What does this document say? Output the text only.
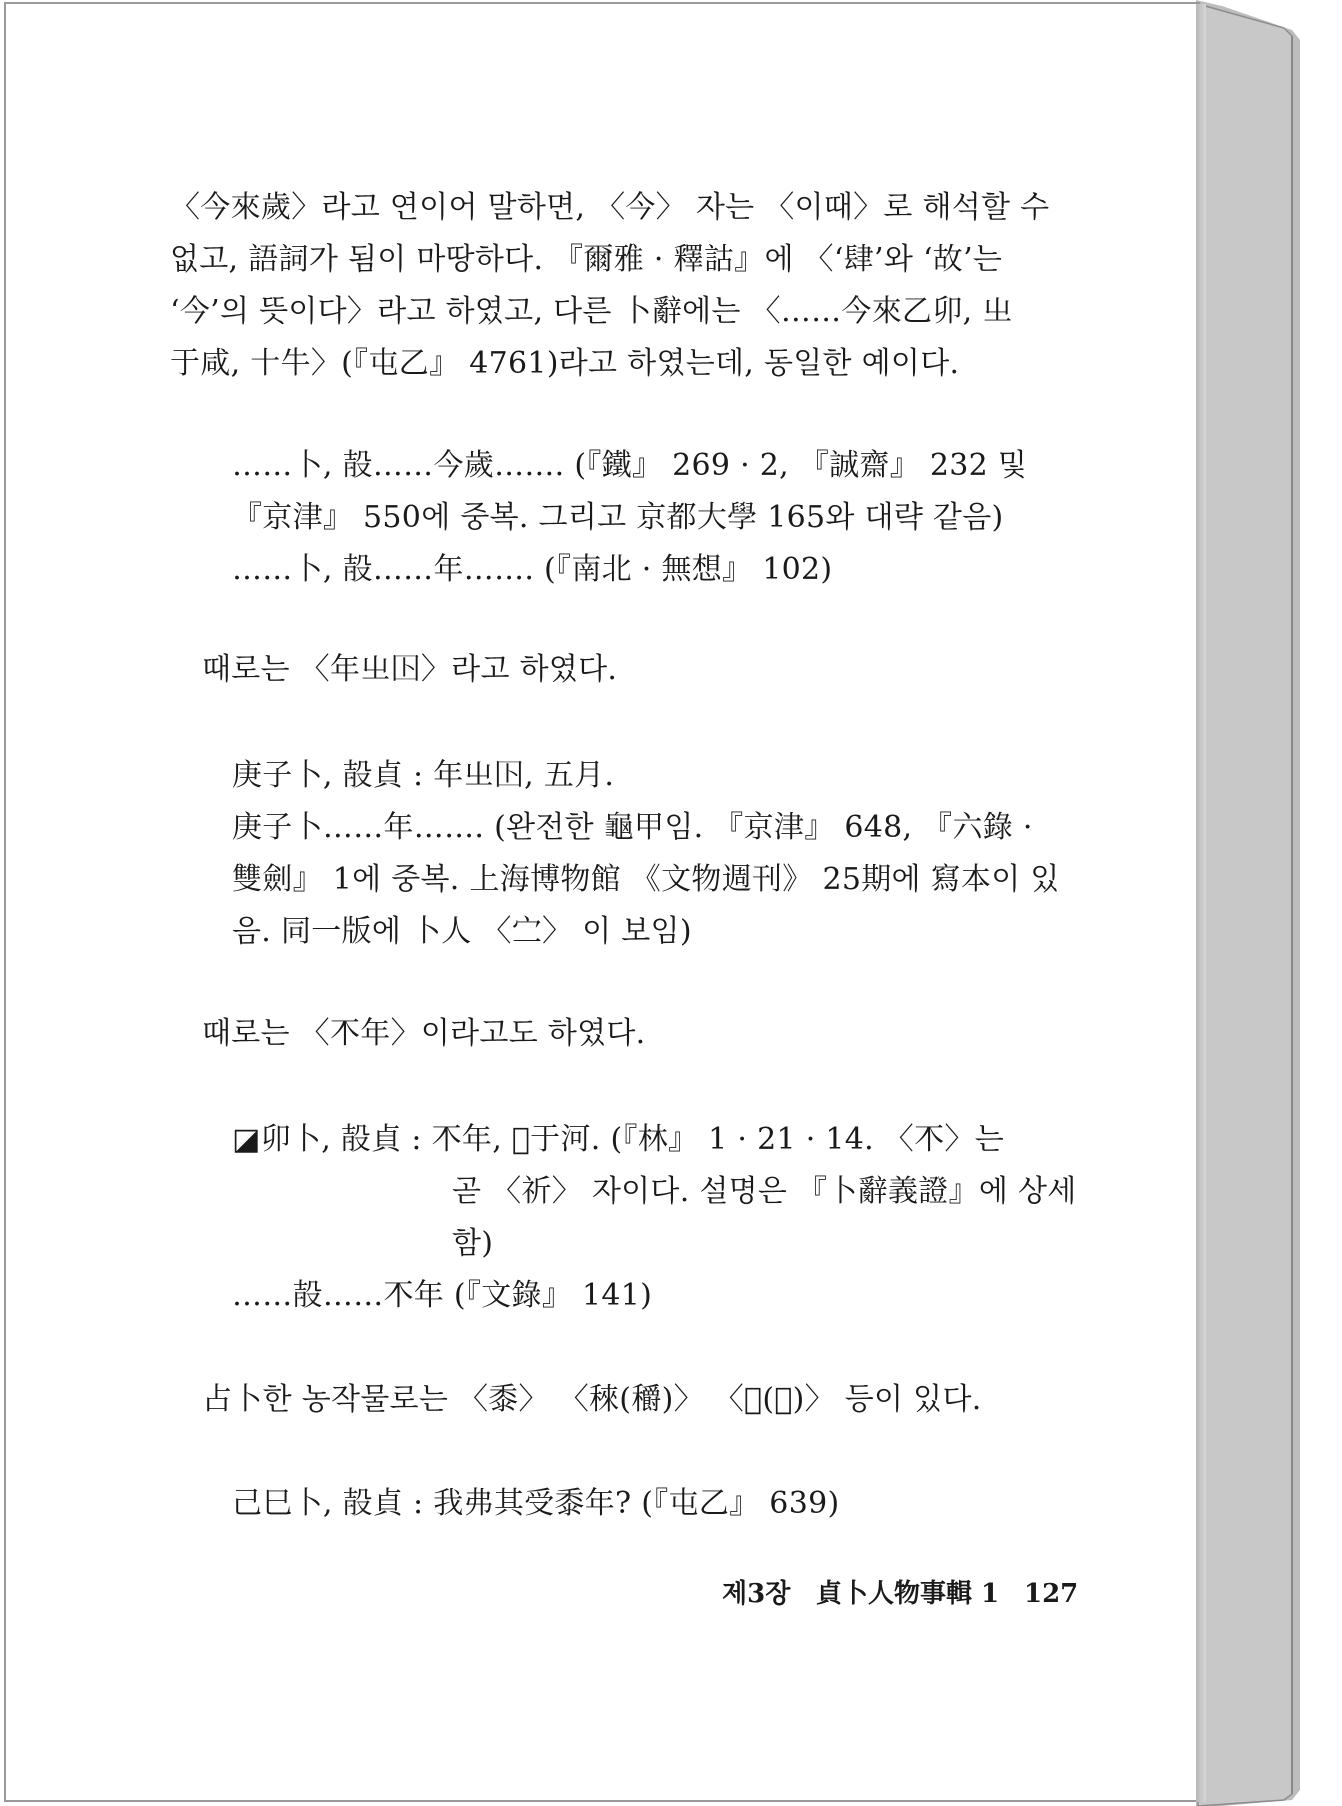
〈今來歲〉라고 연이어 말하면, 〈今〉 자는 〈이때〉로 해석할 수
없고, 語詞가 됨이 마땅하다. 『爾雅 · 釋詁』에 〈‘肆’와 ‘故’는
‘今’의 뜻이다〉라고 하였고, 다른 卜辭에는 〈……今來乙卯, 㞢
于咸, 十牛〉(『屯乙』 4761)라고 하였는데, 동일한 예이다.
……卜, 㱿……今歲……. (『鐵』 269 · 2, 『誠齋』 232 및
『京津』 550에 중복. 그리고 京都大學 165와 대략 같음)
……卜, 㱿……年……. (『南北 · 無想』 102)
때로는 〈年㞢𡆥〉라고 하였다.
庚子卜, 㱿貞 : 年㞢𡆥, 五月.
庚子卜……年……. (완전한 龜甲임. 『京津』 648, 『六錄 ·
雙劍』 1에 중복. 上海博物館 《文物週刊》 25期에 寫本이 있
음. 同一版에 卜人 〈㝉〉 이 보임)
때로는 〈𣎴年〉이라고도 하였다.
◪卯卜, 㱿貞 : 𣎴年, 𡚬于河. (『林』 1 · 21 · 14. 〈𣎴〉는
곧 〈祈〉 자이다. 설명은 『卜辭義證』에 상세
함)
……㱿……𣎴年 (『文錄』 141)
占卜한 농작물로는 〈黍〉 〈䅘(穱)〉 〈𤰔(𤳆)〉 등이 있다.
己巳卜, 㱿貞 : 我弗其受黍年? (『屯乙』 639)
제3장 貞卜人物事輯 1 127
